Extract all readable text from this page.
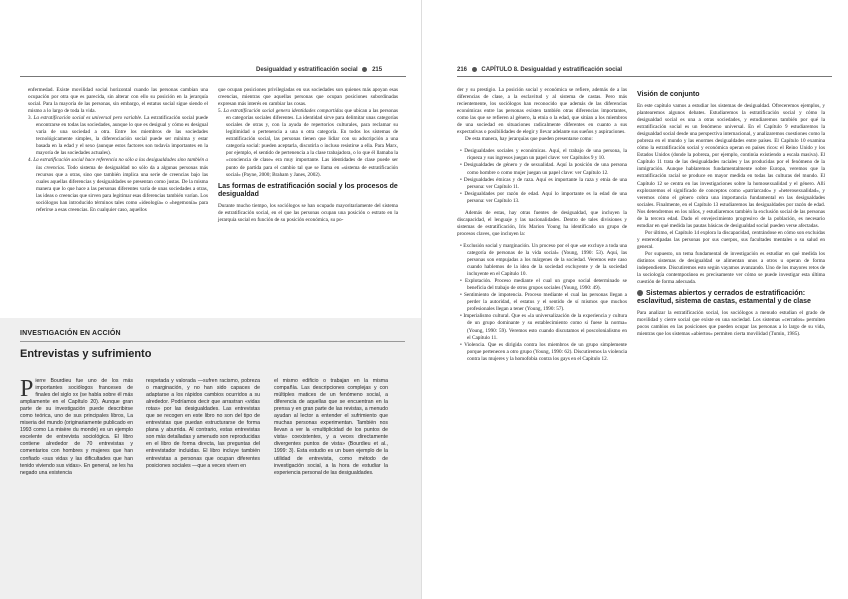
Desigualdad y estratificación social 215

enfermedad. Existe movilidad social horizontal cuando las personas cambian una ocupación por otra que es parecida, sin alterar con ello su posición en la jerarquía social. Para la mayoría de las personas, sin embargo, el estatus social sigue siendo el mismo a lo largo de toda la vida.

3. La estratificación social es universal pero variable. La estratificación social puede encontrarse en todas las sociedades, aunque lo que es desigual y cómo es desigual varía de una sociedad a otra. Entre los miembros de las sociedades tecnológicamente simples, la diferenciación social puede ser mínima y estar basada en la edad y el sexo (aunque estos factores son todavía importantes en la mayoría de las sociedades actuales).

4. La estratificación social hace referencia no sólo a las desigualdades sino también a las creencias. Todo sistema de desigualdad no sólo da a algunas personas más recursos que a otras, sino que también implica una serie de creencias bajo las cuales aquellas diferencias y desigualdades se presentan como justas. De la misma manera que lo que hace a las personas diferentes varía de unas sociedades a otras, las ideas o creencias que sirven para legitimar esas diferencias también varían. Los sociólogos han introducido términos tales como «ideología» o «hegemonía» para referirse a esas creencias. En cualquier caso, aquellos

que ocupan posiciones privilegiadas en sus sociedades son quienes más apoyan esas creencias, mientras que aquellas personas que ocupan posiciones subordinadas expresan más interés en cambiar las cosas.

5. La estratificación social genera identidades compartidas que ubican a las personas en categorías sociales diferentes. La identidad sirve para delimitar unas categorías sociales de otras y, con la ayuda de repertorios culturales, para reclamar su legitimidad o pertenencia a una u otra categoría. En todos los sistemas de estratificación social, las personas tienen que lidiar con su adscripción a una categoría social: pueden aceptarla, discutirla o incluso resistirse a ella. Para Marx, por ejemplo, el sentido de pertenencia a la clase trabajadora, o lo que él llamaba la «conciencia de clase» era muy importante. Las identidades de clase puede ser punto de partida para el cambio tal que se llama en «sistema de estratificación social» (Payne, 2000; Braham y Janes, 2002).

Las formas de estratificación social y los procesos de desigualdad

Durante mucho tiempo, los sociólogos se han ocupado mayoritariamente del sistema de estratificación social, en el que las personas ocupan una posición o estrato en la jerarquía social en función de su posición económica, su po-

INVESTIGACIÓN EN ACCIÓN
Entrevistas y sufrimiento

Pierre Bourdieu fue uno de los más importantes sociólogos franceses de finales del siglo xx (se habla sobre él más ampliamente en el Capítulo 20). Aunque gran parte de su investigación puede describirse como teórica, uno de sus principales libros, La miseria del mundo (originariamente publicado en 1993 como La misère du monde) es un ejemplo excelente de entrevista sociológica. El libro contiene alrededor de 70 entrevistas y comentarios con hombres y mujeres que han confiado «sus vidas y las dificultades que han tenido viviendo sus vidas». En general, se les ha negado una existencia

respetada y valorada —sufren racismo, pobreza o marginación, y no han sido capaces de adaptarse a los rápidos cambios ocurridos a su alrededor. Podríamos decir que arrastran «vidas rotas» por las desigualdades. Las entrevistas que se recogen en este libro no son del tipo de entrevistas que puedan estructurarse de forma plana y aburrida. Al contrario, estas entrevistas son más detalladas y amenudo son reproducidas en el libro de forma directa, las preguntas del entrevistador incluidas. El libro incluye también entrevistas a personas que ocupan diferentes posiciones sociales —que a veces viven en

el mismo edificio o trabajan en la misma compañía. Las descripciones complejas y con múltiples matices de un fenómeno social, a diferencia de aquellas que se encuentran en la prensa y en gran parte de las revistas, a menudo ayudan al lector a entender el sufrimiento que muchas personas experimentan. También nos llevan a ver la «multiplicidad de los puntos de vista» coexistentes, y a veces directamente divergentes puntos de vista» (Bourdieu et al., 1999: 3). Esta estudio es un buen ejemplo de la utilidad de entrevista, como método de investigación social, a la hora de estudiar la experiencia personal de las desigualdades.

216 CAPÍTULO 8. Desigualdad y estratificación social

der y su prestigio. La posición social y económica se refiere, además de a las diferencias de clase, a la esclavitud y al sistema de castas. Pero más recientemente, los sociólogos han reconocido que además de las diferencias económicas entre las personas existen también otras diferencias importantes, como las que se refieren al género, la etnia o la edad, que sitúan a los miembros de una sociedad en situaciones radicalmente diferentes en cuanto a sus expectativas o posibilidades de elegir y llevar adelante sus sueños y aspiraciones.

De esta manera, hay jerarquías que pueden presentarse como:

• Desigualdades sociales y económicas. Aquí, el trabajo de una persona, la riqueza y sus ingresos juegan un papel clave: ver Capítulos 9 y 10.

• Desigualdades de género y de sexualidad. Aquí la posición de una persona como hombre o como mujer juegan un papel clave: ver Capítulo 12.

• Desigualdades étnicas y de raza. Aquí es importante la raza y etnia de una persona: ver Capítulo 11.

• Desigualdades por razón de edad. Aquí lo importante es la edad de una persona: ver Capítulo 13.

Además de estas, hay otras fuentes de desigualdad, que incluyen la discapacidad, el lenguaje y las nacionalidades. Dentro de tales divisiones y sistemas de estratificación, Iris Marion Young ha identificado un grupo de procesos claves, que incluyen la:

• Exclusión social y marginación. Un proceso por el que «se excluye a toda una categoría de personas de la vida social» (Young, 1990: 53). Aquí, las personas son empujadas a los márgenes de la sociedad. Veremos este caso cuando hablemos de la idea de la sociedad excluyente y de la sociedad incluyente en el Capítulo 10.

• Explotación. Proceso mediante el cual un grupo social determinado se beneficia del trabajo de otros grupos sociales (Young, 1990: 49).

• Sentimiento de impotencia. Proceso mediante el cual las personas llegan a perder la autoridad, el estatus y el sentido de sí mismos que muchos profesionales llegan a tener (Young, 1990: 57).

• Imperialismo cultural. Que es «la universalización de la experiencia y cultura de un grupo dominante y su establecimiento como si fuese la norma» (Young, 1990: 59). Veremos esto cuando discutamos el poscolonialismo en el Capítulo 11.

• Violencia. Que es dirigida contra los miembros de un grupo simplemente porque pertenecen a otro grupo (Young, 1990: 62). Discutiremos la violencia contra las mujeres y la homofobia contra los gays en el Capítulo 12.

Visión de conjunto

En este capítulo vamos a estudiar los sistemas de desigualdad. Ofreceremos ejemplos, y plantearemos algunos debates. Estudiaremos la estratificación social y cómo la desigualdad social es una a otras sociedades, y estudiaremos también por qué la estratificación social es un fenómeno universal. En el Capítulo 9 estudiaremos la desigualdad social desde una perspectiva internacional, y analizaremos cuestiones como la pobreza en el mundo y las enormes desigualdades entre países. El Capítulo 10 examina cómo la estratificación social y económica operan en países ricos: el Reino Unido y los Estados Unidos (donde la pobreza, por ejemplo, continúa existiendo a escala masiva). El Capítulo 11 trata de las desigualdades raciales y las producidas por el fenómeno de la inmigración. Aunque hablaremos fundamentalmente sobre Europa, veremos que la estratificación racial se produce en mayor medida en todas las culturas del mundo. El Capítulo 12 se centra en las investigaciones sobre la homosexualidad y el género. Allí exploraremos el significado de conceptos como «patriarcado» y «heterosexualidad», y veremos cómo el género cobra una importancia fundamental en las desigualdades sociales. Finalmente, en el Capítulo 13 estudiaremos las desigualdades por razón de edad. Nos detendremos en los niños, y estudiaremos también la exclusión social de las personas de la tercera edad. Dado el envejecimiento progresivo de la población, es necesario estudiar en qué medida las pautas básicas de desigualdad social pueden verse afectadas.

Por último, el Capítulo 14 explora la discapacidad, centrándose en cómo son excluidas y estereotipadas las personas por sus cuerpos, sus facultades mentales o su salud en general.

Por supuesto, un tema fundamental de investigación es estudiar en qué medida los distintos sistemas de desigualdad se alimentan unos a otros u operan de forma independiente. Discutiremos esto según vayamos avanzando. Uno de los mayores retos de la sociología contemporánea es precisamente ver cómo se puede investigar esta última cuestión de forma adecuada.

Sistemas abiertos y cerrados de estratificación: esclavitud, sistema de castas, estamental y de clase

Para analizar la estratificación social, los sociólogos a menudo estudian el grado de movilidad y cierre social que existe en una sociedad. Los sistemas «cerrados» permiten pocos cambios en las posiciones que pueden ocupar las personas a lo largo de su vida, mientras que los sistemas «abiertos» permiten cierta movilidad (Tumin, 1985).
